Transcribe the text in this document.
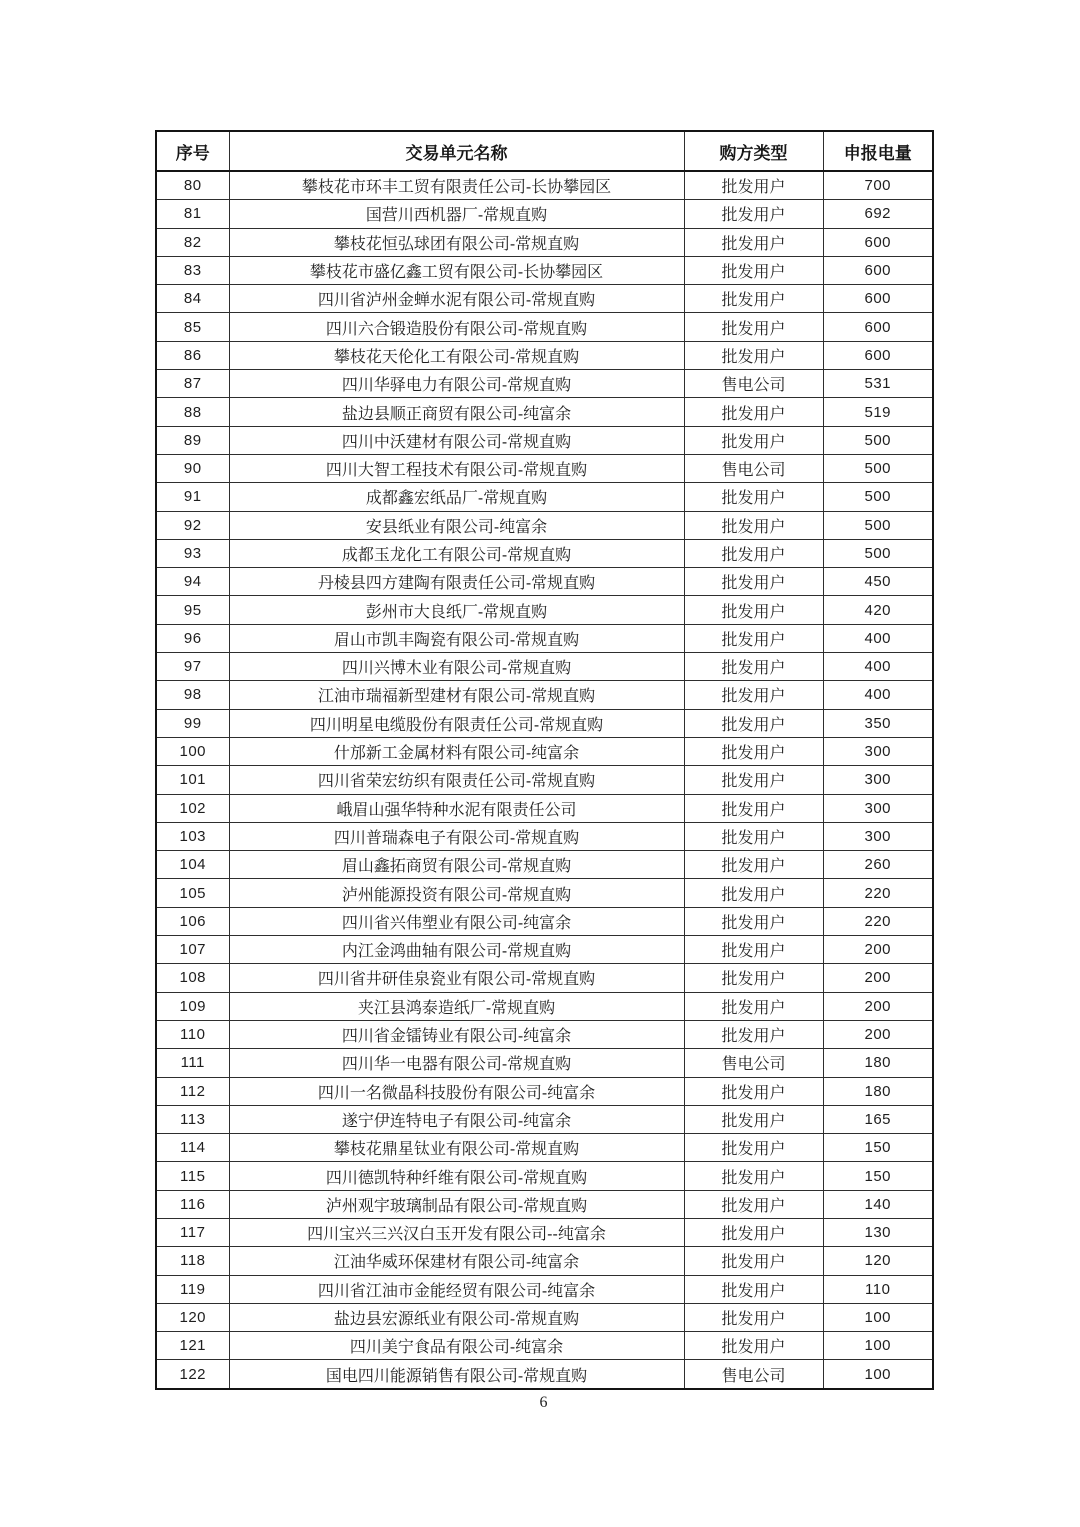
序号	交易单元名称	购方类型	申报电量
80	攀枝花市环丰工贸有限责任公司-长协攀园区	批发用户	700
81	国营川西机器厂-常规直购	批发用户	692
82	攀枝花恒弘球团有限公司-常规直购	批发用户	600
83	攀枝花市盛亿鑫工贸有限公司-长协攀园区	批发用户	600
84	四川省泸州金蝉水泥有限公司-常规直购	批发用户	600
85	四川六合锻造股份有限公司-常规直购	批发用户	600
86	攀枝花天伦化工有限公司-常规直购	批发用户	600
87	四川华驿电力有限公司-常规直购	售电公司	531
88	盐边县顺正商贸有限公司-纯富余	批发用户	519
89	四川中沃建材有限公司-常规直购	批发用户	500
90	四川大智工程技术有限公司-常规直购	售电公司	500
91	成都鑫宏纸品厂-常规直购	批发用户	500
92	安县纸业有限公司-纯富余	批发用户	500
93	成都玉龙化工有限公司-常规直购	批发用户	500
94	丹棱县四方建陶有限责任公司-常规直购	批发用户	450
95	彭州市大良纸厂-常规直购	批发用户	420
96	眉山市凯丰陶瓷有限公司-常规直购	批发用户	400
97	四川兴博木业有限公司-常规直购	批发用户	400
98	江油市瑞福新型建材有限公司-常规直购	批发用户	400
99	四川明星电缆股份有限责任公司-常规直购	批发用户	350
100	什邡新工金属材料有限公司-纯富余	批发用户	300
101	四川省荣宏纺织有限责任公司-常规直购	批发用户	300
102	峨眉山强华特种水泥有限责任公司	批发用户	300
103	四川普瑞森电子有限公司-常规直购	批发用户	300
104	眉山鑫拓商贸有限公司-常规直购	批发用户	260
105	泸州能源投资有限公司-常规直购	批发用户	220
106	四川省兴伟塑业有限公司-纯富余	批发用户	220
107	内江金鸿曲轴有限公司-常规直购	批发用户	200
108	四川省井研佳泉瓷业有限公司-常规直购	批发用户	200
109	夹江县鸿泰造纸厂-常规直购	批发用户	200
110	四川省金镭铸业有限公司-纯富余	批发用户	200
111	四川华一电器有限公司-常规直购	售电公司	180
112	四川一名微晶科技股份有限公司-纯富余	批发用户	180
113	遂宁伊连特电子有限公司-纯富余	批发用户	165
114	攀枝花鼎星钛业有限公司-常规直购	批发用户	150
115	四川德凯特种纤维有限公司-常规直购	批发用户	150
116	泸州观宇玻璃制品有限公司-常规直购	批发用户	140
117	四川宝兴三兴汉白玉开发有限公司--纯富余	批发用户	130
118	江油华威环保建材有限公司-纯富余	批发用户	120
119	四川省江油市金能经贸有限公司-纯富余	批发用户	110
120	盐边县宏源纸业有限公司-常规直购	批发用户	100
121	四川美宁食品有限公司-纯富余	批发用户	100
122	国电四川能源销售有限公司-常规直购	售电公司	100
6
